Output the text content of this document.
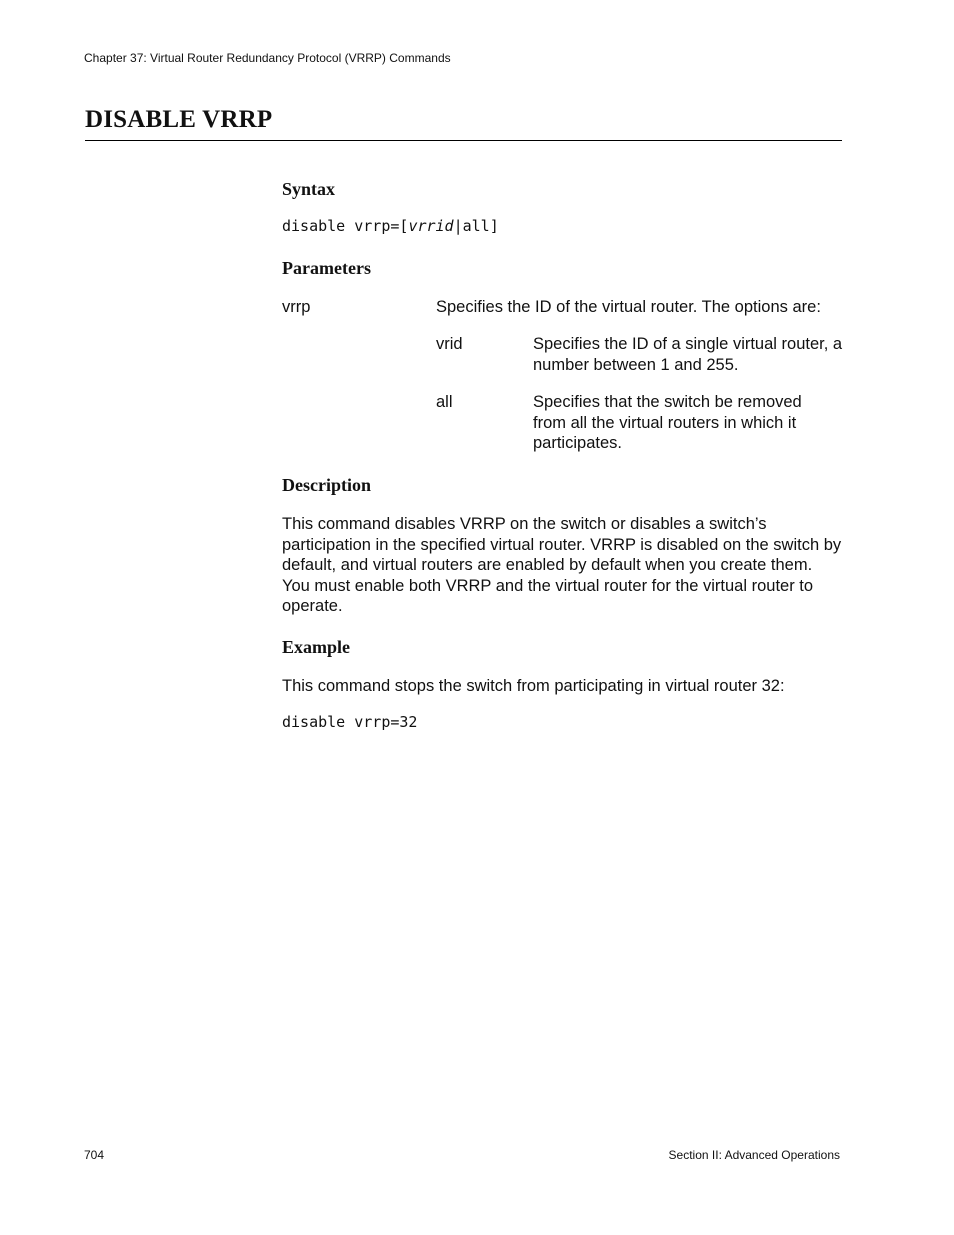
Chapter 37: Virtual Router Redundancy Protocol (VRRP) Commands
DISABLE VRRP
Syntax
disable vrrp=[vrrid|all]
Parameters
vrrp	Specifies the ID of the virtual router. The options are:
vrid	Specifies the ID of a single virtual router, a number between 1 and 255.
all	Specifies that the switch be removed from all the virtual routers in which it participates.
Description
This command disables VRRP on the switch or disables a switch’s participation in the specified virtual router. VRRP is disabled on the switch by default, and virtual routers are enabled by default when you create them. You must enable both VRRP and the virtual router for the virtual router to operate.
Example
This command stops the switch from participating in virtual router 32:
disable vrrp=32
704	Section II: Advanced Operations
